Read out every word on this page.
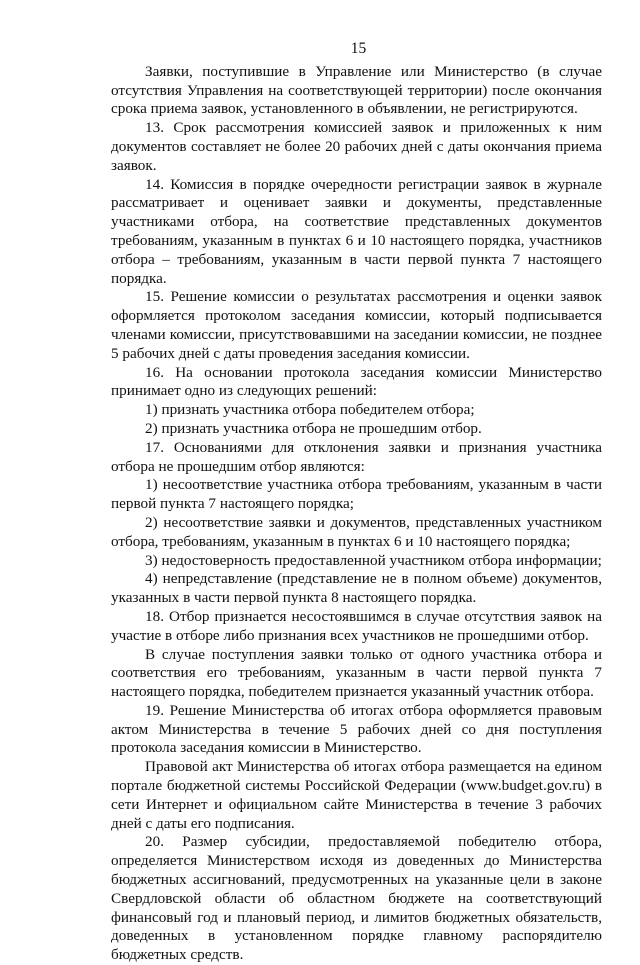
15

Заявки, поступившие в Управление или Министерство (в случае отсутствия Управления на соответствующей территории) после окончания срока приема заявок, установленного в объявлении, не регистрируются.

13. Срок рассмотрения комиссией заявок и приложенных к ним документов составляет не более 20 рабочих дней с даты окончания приема заявок.

14. Комиссия в порядке очередности регистрации заявок в журнале рассматривает и оценивает заявки и документы, представленные участниками отбора, на соответствие представленных документов требованиям, указанным в пунктах 6 и 10 настоящего порядка, участников отбора – требованиям, указанным в части первой пункта 7 настоящего порядка.

15. Решение комиссии о результатах рассмотрения и оценки заявок оформляется протоколом заседания комиссии, который подписывается членами комиссии, присутствовавшими на заседании комиссии, не позднее 5 рабочих дней с даты проведения заседания комиссии.

16. На основании протокола заседания комиссии Министерство принимает одно из следующих решений:

1) признать участника отбора победителем отбора;

2) признать участника отбора не прошедшим отбор.

17. Основаниями для отклонения заявки и признания участника отбора не прошедшим отбор являются:

1) несоответствие участника отбора требованиям, указанным в части первой пункта 7 настоящего порядка;

2) несоответствие заявки и документов, представленных участником отбора, требованиям, указанным в пунктах 6 и 10 настоящего порядка;

3) недостоверность предоставленной участником отбора информации;

4) непредставление (представление не в полном объеме) документов, указанных в части первой пункта 8 настоящего порядка.

18. Отбор признается несостоявшимся в случае отсутствия заявок на участие в отборе либо признания всех участников не прошедшими отбор.

В случае поступления заявки только от одного участника отбора и соответствия его требованиям, указанным в части первой пункта 7 настоящего порядка, победителем признается указанный участник отбора.

19. Решение Министерства об итогах отбора оформляется правовым актом Министерства в течение 5 рабочих дней со дня поступления протокола заседания комиссии в Министерство.

Правовой акт Министерства об итогах отбора размещается на едином портале бюджетной системы Российской Федерации (www.budget.gov.ru) в сети Интернет и официальном сайте Министерства в течение 3 рабочих дней с даты его подписания.

20. Размер субсидии, предоставляемой победителю отбора, определяется Министерством исходя из доведенных до Министерства бюджетных ассигнований, предусмотренных на указанные цели в законе Свердловской области об областном бюджете на соответствующий финансовый год и плановый период, и лимитов бюджетных обязательств, доведенных в установленном порядке главному распорядителю бюджетных средств.
